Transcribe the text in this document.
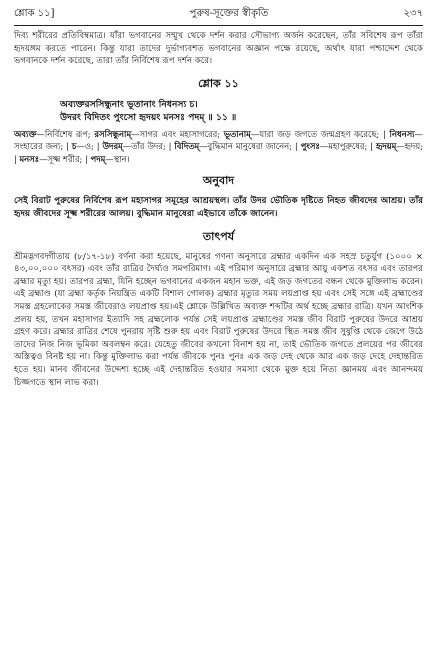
শ্লোক ১১]	পুরুষ-সূক্তের স্বীকৃতি	২৩৭

দিব্য শরীরের প্রতিবিম্বমাত্র। যাঁরা ভগবানের সম্মুখ থেকে দর্শন করার সৌভাগ্য অর্জন করেছেন, তাঁর সবিশেষ রূপ তাঁরা হৃদয়ঙ্গম করতে পারেন। কিন্তু যারা তাদের দুর্ভাগ্যবশত ভগবানের অজ্ঞান পক্ষে রয়েছে, অর্থাৎ যারা পশ্চাদ্দেশ থেকে ভগবানকে দর্শন করেছে, তারা তাঁর নির্বিশেষ রূপ দর্শন করে।

শ্লোক ১১
অব্যক্তরসসিন্ধুনাং ভূতানাং নিধনস্য চ।
উদরং বিদিতং পুংসো হৃদয়ং মনসঃ পদম্ ॥ ১১ ॥

অব্যক্ত—নির্বিশেষ রূপ; রসসিন্ধুনাম্—সাগর এবং মহাসাগরের; ভূতানাম্—যারা জড় জগতে জন্মগ্রহণ করেছে; | নিধনস্য—সংহারের জন্য; | চ—ও; | উদরম্—তাঁর উদর; | বিদিতম্—বুদ্ধিমান মানুষেরা জানেন; | পুংসঃ—মহাপুরুষের; | হৃদয়ম্—হৃদয়; | মনসঃ—সূক্ষ্ম শরীর; | পদম্—স্থান।

অনুবাদ

সেই বিরাট পুরুষের নির্বিশেষ রূপ মহাসাগর সমূহের আশ্রয়স্থল। তাঁর উদর ভৌতিক দৃষ্টিতে নিহত জীবদের আশ্রয়। তাঁর হৃদয় জীবদের সূক্ষ্ম শরীরের আলয়। বুদ্ধিমান মানুষেরা এইভাবে তাঁকে জানেন।

তাৎপর্য

শ্রীমদ্ভগবদ্গীতায় (৮/১৭-১৮) বর্ণনা করা হয়েছে, মানুষের গণনা অনুসারে ব্রহ্মার একদিন এক সহস্র চতুর্যুগ (১০০০ × ৪৩,০০,০০০ বৎসর) এবং তাঁর রাত্রির দৈর্ঘ্যও সমপরিমাণ। এই পরিমাণ অনুসারে ব্রহ্মার আয়ু একশত বৎসর এবং তারপর ব্রহ্মার মৃত্যু হয়। তারপর ব্রহ্মা, যিনি হচ্ছেন ভগবানের একজন মহান ভক্ত, এই জড় জগতের বন্ধন থেকে মুক্তিলাভ করেন। এই ব্রহ্মাণ্ড (যা ব্রহ্মা কর্তৃক নিয়ন্ত্রিত একটি বিশাল গোলক) ব্রহ্মার মৃত্যুর সময় লয়প্রাপ্ত হয় এবং সেই সঙ্গে এই ব্রহ্মাণ্ডের সমস্ত গ্রহলোকের সমস্ত জীবেরাও লয়প্রাপ্ত হয়।এই শ্লোকে উল্লিখিত অব্যক্ত শব্দটির অর্থ হচ্ছে ব্রহ্মার রাত্রি। যখন আংশিক প্রলয় হয়, তখন মহাসাগর ইত্যাদি সহ ব্রহ্মলোক পর্যন্ত সেই লয়প্রাপ্ত ব্রহ্মাণ্ডের সমস্ত জীব বিরাট পুরুষের উদরে আশ্রয় গ্রহণ করে। ব্রহ্মার রাত্রির শেষে পুনরায় সৃষ্টি শুরু হয় এবং বিরাট পুরুষের উদরে স্থিত সমস্ত জীব সুষুপ্তি থেকে জেগে উঠে তাদের নিজ নিজ ভূমিকা অবলম্বন করে। যেহেতু জীবের কখনো বিনাশ হয় না, তাই ভৌতিক জগতে প্রলয়ের পর জীবের অস্তিত্বও বিনষ্ট হয় না। কিন্তু মুক্তিলাভ করা পর্যন্ত জীবকে পুনঃ পুনঃ এক জড় দেহ থেকে আর এক জড় দেহে দেহান্তরিত হতে হয়। মানব জীবনের উদ্দেশ্য হচ্ছে এই দেহান্তরিত হওয়ার সমস্যা থেকে মুক্ত হয়ে নিত্য জ্ঞানময় এবং আনন্দময় চিজ্জগতে স্থান লাভ করা।
